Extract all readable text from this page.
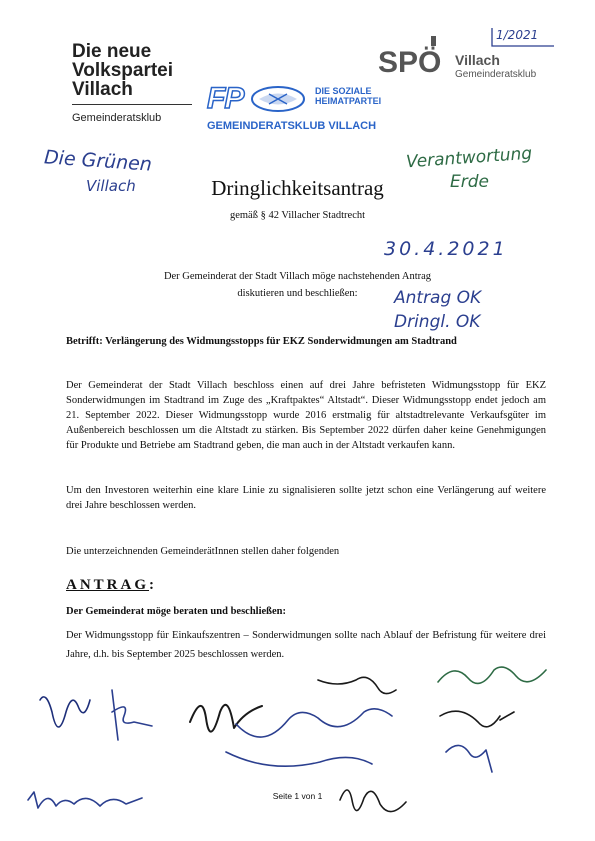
Die neue
Volkspartei
Villach
Gemeinderatsklub
FP	DIE SOZIALE
HEIMATPARTEI
GEMEINDERATSKLUB VILLACH
SPÖ Villach
Gemeinderatsklub
1/2021
Die Grünen
Villach
Verantwortung
Erde
30.4.2021
Antrag OK
Dringl. OK
Dringlichkeitsantrag
gemäß § 42 Villacher Stadtrecht
Der Gemeinderat der Stadt Villach möge nachstehenden Antrag
diskutieren und beschließen:
Betrifft: Verlängerung des Widmungsstopps für EKZ Sonderwidmungen am Stadtrand
Der Gemeinderat der Stadt Villach beschloss einen auf drei Jahre befristeten Widmungsstopp für EKZ Sonderwidmungen im Stadtrand im Zuge des „Kraftpaktes“ Altstadt“. Dieser Widmungsstopp endet jedoch am 21. September 2022. Dieser Widmungsstopp wurde 2016 erstmalig für altstadtrelevante Verkaufsgüter im Außenbereich beschlossen um die Altstadt zu stärken. Bis September 2022 dürfen daher keine Genehmigungen für Produkte und Betriebe am Stadtrand geben, die man auch in der Altstadt verkaufen kann.
Um den Investoren weiterhin eine klare Linie zu signalisieren sollte jetzt schon eine Verlängerung auf weitere drei Jahre beschlossen werden.
Die unterzeichnenden GemeinderätInnen stellen daher folgenden
ANTRAG:
Der Gemeinderat möge beraten und beschließen:
Der Widmungsstopp für Einkaufszentren – Sonderwidmungen sollte nach Ablauf der Befristung für weitere drei Jahre, d.h. bis September 2025 beschlossen werden.
Seite 1 von 1
